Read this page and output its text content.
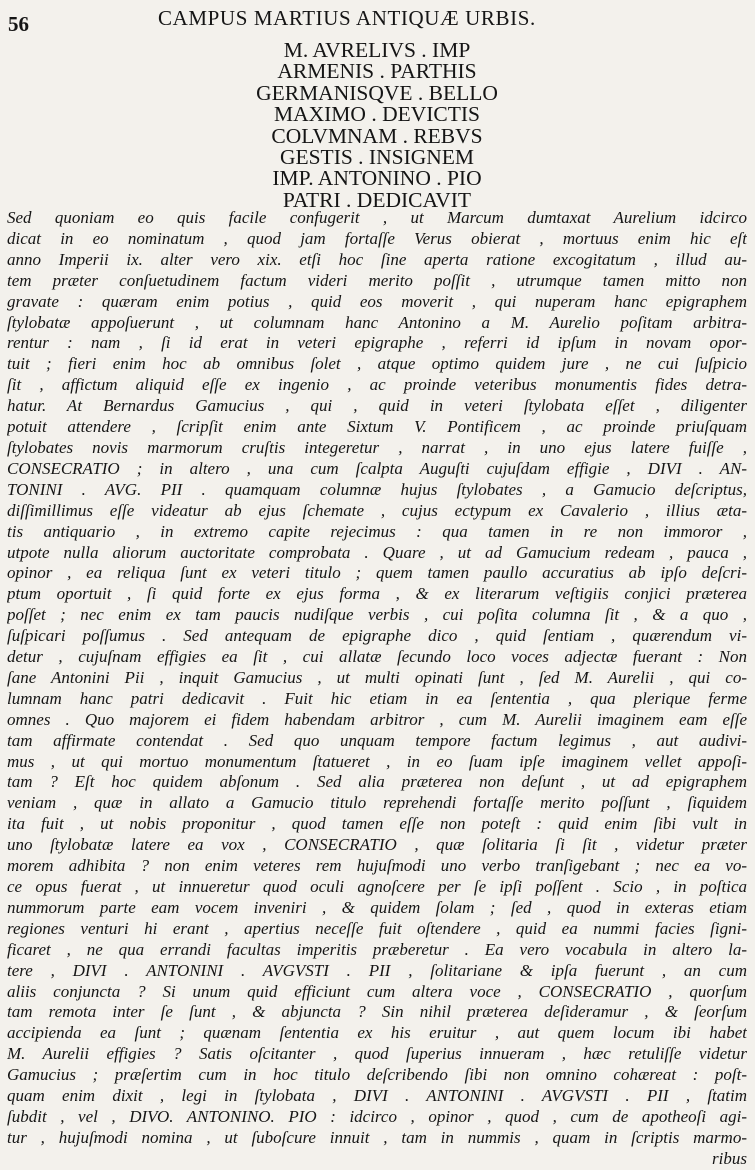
56	CAMPUS MARTIUS ANTIQUÆ URBIS.
M. AVRELIVS . IMP
ARMENIS . PARTHIS
GERMANISQVE . BELLO
MAXIMO . DEVICTIS
COLVMNAM . REBVS
GESTIS . INSIGNEM
IMP. ANTONINO . PIO
PATRI . DEDICAVIT
Sed quoniam eo quis facile confugerit , ut Marcum dumtaxat Aurelium idcirco
dicat in eo nominatum , quod jam fortaſſe Verus obierat , mortuus enim hic eſt
anno Imperii ix. alter vero xix. etſi hoc ſine aperta ratione excogitatum , illud au-
tem præter conſuetudinem factum videri merito poſſit , utrumque tamen mitto non
gravate : quæram enim potius , quid eos moverit , qui nuperam hanc epigraphem
ſtylobatæ appoſuerunt , ut columnam hanc Antonino a M. Aurelio poſitam arbitra-
rentur : nam , ſi id erat in veteri epigraphe , referri id ipſum in novam opor-
tuit ; fieri enim hoc ab omnibus ſolet , atque optimo quidem jure , ne cui ſuſpicio
ſit , affictum aliquid eſſe ex ingenio , ac proinde veteribus monumentis fides detra-
hatur. At Bernardus Gamucius , qui , quid in veteri ſtylobata eſſet , diligenter
potuit attendere , ſcripſit enim ante Sixtum V. Pontificem , ac proinde priuſquam
ſtylobates novis marmorum cruſtis integeretur , narrat , in uno ejus latere fuiſſe ,
CONSECRATIO ; in altero , una cum ſcalpta Auguſti cujuſdam effigie , DIVI . AN-
TONINI . AVG. PII . quamquam columnæ hujus ſtylobates , a Gamucio deſcriptus,
diſſimillimus eſſe videatur ab ejus ſchemate , cujus ectypum ex Cavalerio , illius æta-
tis antiquario , in extremo capite rejecimus : qua tamen in re non immoror ,
utpote nulla aliorum auctoritate comprobata . Quare , ut ad Gamucium redeam , pauca ,
opinor , ea reliqua ſunt ex veteri titulo ; quem tamen paullo accuratius ab ipſo deſcri-
ptum oportuit , ſi quid forte ex ejus forma , & ex literarum veſtigiis conjici præterea
poſſet ; nec enim ex tam paucis nudiſque verbis , cui poſita columna ſit , & a quo ,
ſuſpicari poſſumus . Sed antequam de epigraphe dico , quid ſentiam , quærendum vi-
detur , cujuſnam effigies ea ſit , cui allatæ ſecundo loco voces adjectæ fuerant : Non
ſane Antonini Pii , inquit Gamucius , ut multi opinati ſunt , ſed M. Aurelii , qui co-
lumnam hanc patri dedicavit . Fuit hic etiam in ea ſententia , qua plerique ferme
omnes . Quo majorem ei fidem habendam arbitror , cum M. Aurelii imaginem eam eſſe
tam affirmate contendat . Sed quo unquam tempore factum legimus , aut audivi-
mus , ut qui mortuo monumentum ſtatueret , in eo ſuam ipſe imaginem vellet appoſi-
tam ? Eſt hoc quidem abſonum . Sed alia præterea non deſunt , ut ad epigraphem
veniam , quæ in allato a Gamucio titulo reprehendi fortaſſe merito poſſunt , ſiquidem
ita fuit , ut nobis proponitur , quod tamen eſſe non poteſt : quid enim ſibi vult in
uno ſtylobatæ latere ea vox , CONSECRATIO , quæ ſolitaria ſi ſit , videtur præter
morem adhibita ? non enim veteres rem hujuſmodi uno verbo tranſigebant ; nec ea vo-
ce opus fuerat , ut innueretur quod oculi agnoſcere per ſe ipſi poſſent . Scio , in poſtica
nummorum parte eam vocem inveniri , & quidem ſolam ; ſed , quod in exteras etiam
regiones venturi hi erant , apertius neceſſe fuit oſtendere , quid ea nummi facies ſigni-
ficaret , ne qua errandi facultas imperitis præberetur . Ea vero vocabula in altero la-
tere , DIVI . ANTONINI . AVGVSTI . PII , ſolitariane & ipſa fuerunt , an cum
aliis conjuncta ? Si unum quid efficiunt cum altera voce , CONSECRATIO , quorſum
tam remota inter ſe ſunt , & abjuncta ? Sin nihil præterea deſiderатur , & ſeorſum
accipienda ea ſunt ; quænam ſententia ex his eruitur , aut quem locum ibi habet
M. Aurelii effigies ? Satis oſcitanter , quod ſuperius innueram , hæc retuliſſe videtur
Gamucius ; præſertim cum in hoc titulo deſcribendo ſibi non omnino cohæreat : poſt-
quam enim dixit , legi in ſtylobata , DIVI . ANTONINI . AVGVSTI . PII , ſtatim
ſubdit , vel , DIVO. ANTONINO. PIO : idcirco , opinor , quod , cum de apotheoſi agi-
tur , hujuſmodi nomina , ut ſuboſcure innuit , tam in nummis , quam in ſcriptis marmo-
ribus
